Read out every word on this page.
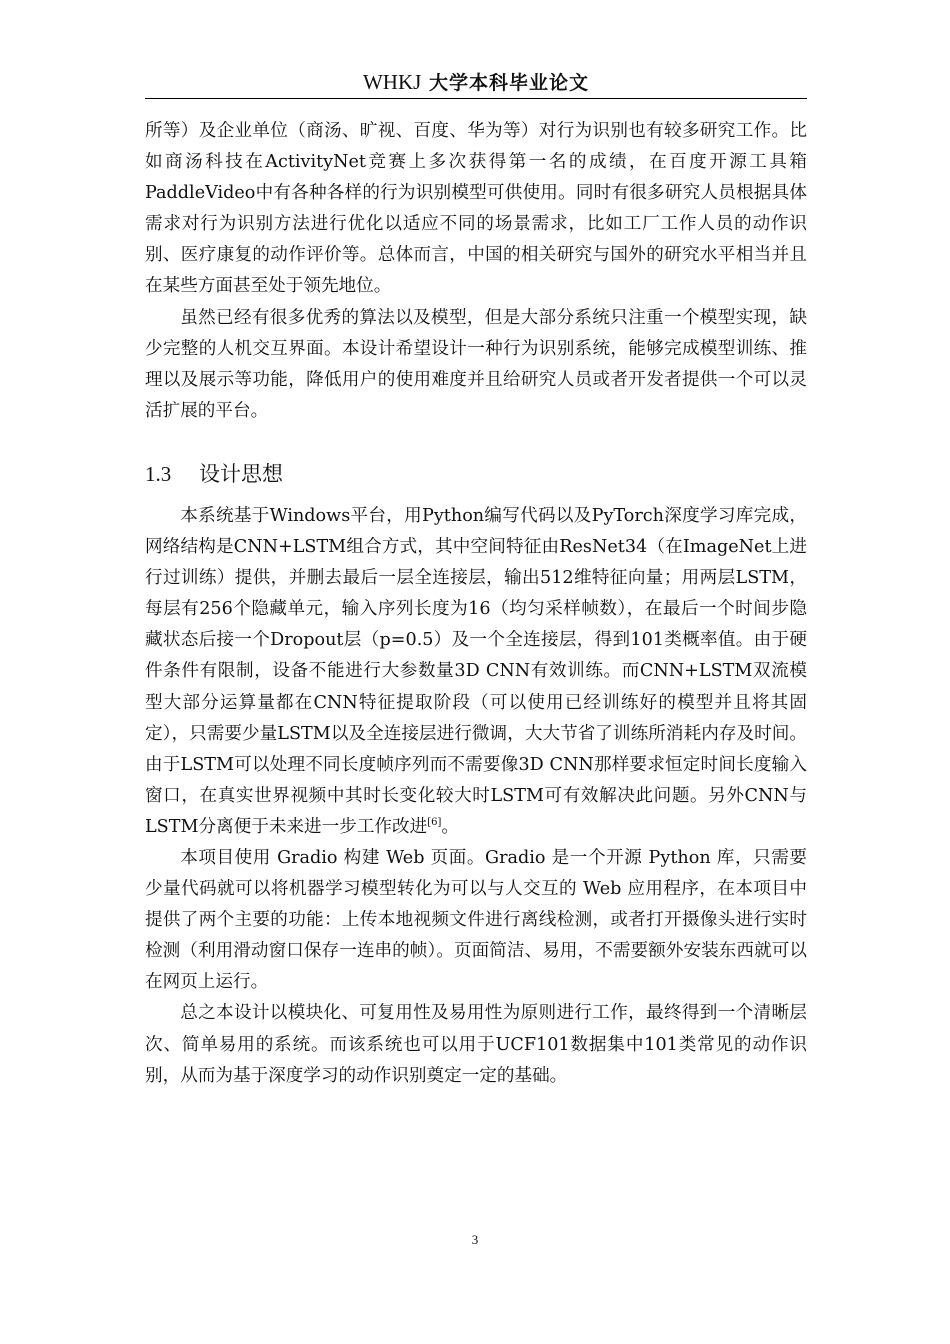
WHKJ 大学本科毕业论文

所等）及企业单位（商汤、旷视、百度、华为等）对行为识别也有较多研究工作。比如商汤科技在ActivityNet竞赛上多次获得第一名的成绩，在百度开源工具箱PaddleVideo中有各种各样的行为识别模型可供使用。同时有很多研究人员根据具体需求对行为识别方法进行优化以适应不同的场景需求，比如工厂工作人员的动作识别、医疗康复的动作评价等。总体而言，中国的相关研究与国外的研究水平相当并且在某些方面甚至处于领先地位。

虽然已经有很多优秀的算法以及模型，但是大部分系统只注重一个模型实现，缺少完整的人机交互界面。本设计希望设计一种行为识别系统，能够完成模型训练、推理以及展示等功能，降低用户的使用难度并且给研究人员或者开发者提供一个可以灵活扩展的平台。

1.3 设计思想

本系统基于Windows平台，用Python编写代码以及PyTorch深度学习库完成，网络结构是CNN+LSTM组合方式，其中空间特征由ResNet34（在ImageNet上进行过训练）提供，并删去最后一层全连接层，输出512维特征向量；用两层LSTM，每层有256个隐藏单元，输入序列长度为16（均匀采样帧数），在最后一个时间步隐藏状态后接一个Dropout层（p=0.5）及一个全连接层，得到101类概率值。由于硬件条件有限制，设备不能进行大参数量3D CNN有效训练。而CNN+LSTM双流模型大部分运算量都在CNN特征提取阶段（可以使用已经训练好的模型并且将其固定），只需要少量LSTM以及全连接层进行微调，大大节省了训练所消耗内存及时间。由于LSTM可以处理不同长度帧序列而不需要像3D CNN那样要求恒定时间长度输入窗口，在真实世界视频中其时长变化较大时LSTM可有效解决此问题。另外CNN与LSTM分离便于未来进一步工作改进[6]。

本项目使用 Gradio 构建 Web 页面。Gradio 是一个开源 Python 库，只需要少量代码就可以将机器学习模型转化为可以与人交互的 Web 应用程序，在本项目中提供了两个主要的功能：上传本地视频文件进行离线检测，或者打开摄像头进行实时检测（利用滑动窗口保存一连串的帧）。页面简洁、易用，不需要额外安装东西就可以在网页上运行。

总之本设计以模块化、可复用性及易用性为原则进行工作，最终得到一个清晰层次、简单易用的系统。而该系统也可以用于UCF101数据集中101类常见的动作识别，从而为基于深度学习的动作识别奠定一定的基础。

3
